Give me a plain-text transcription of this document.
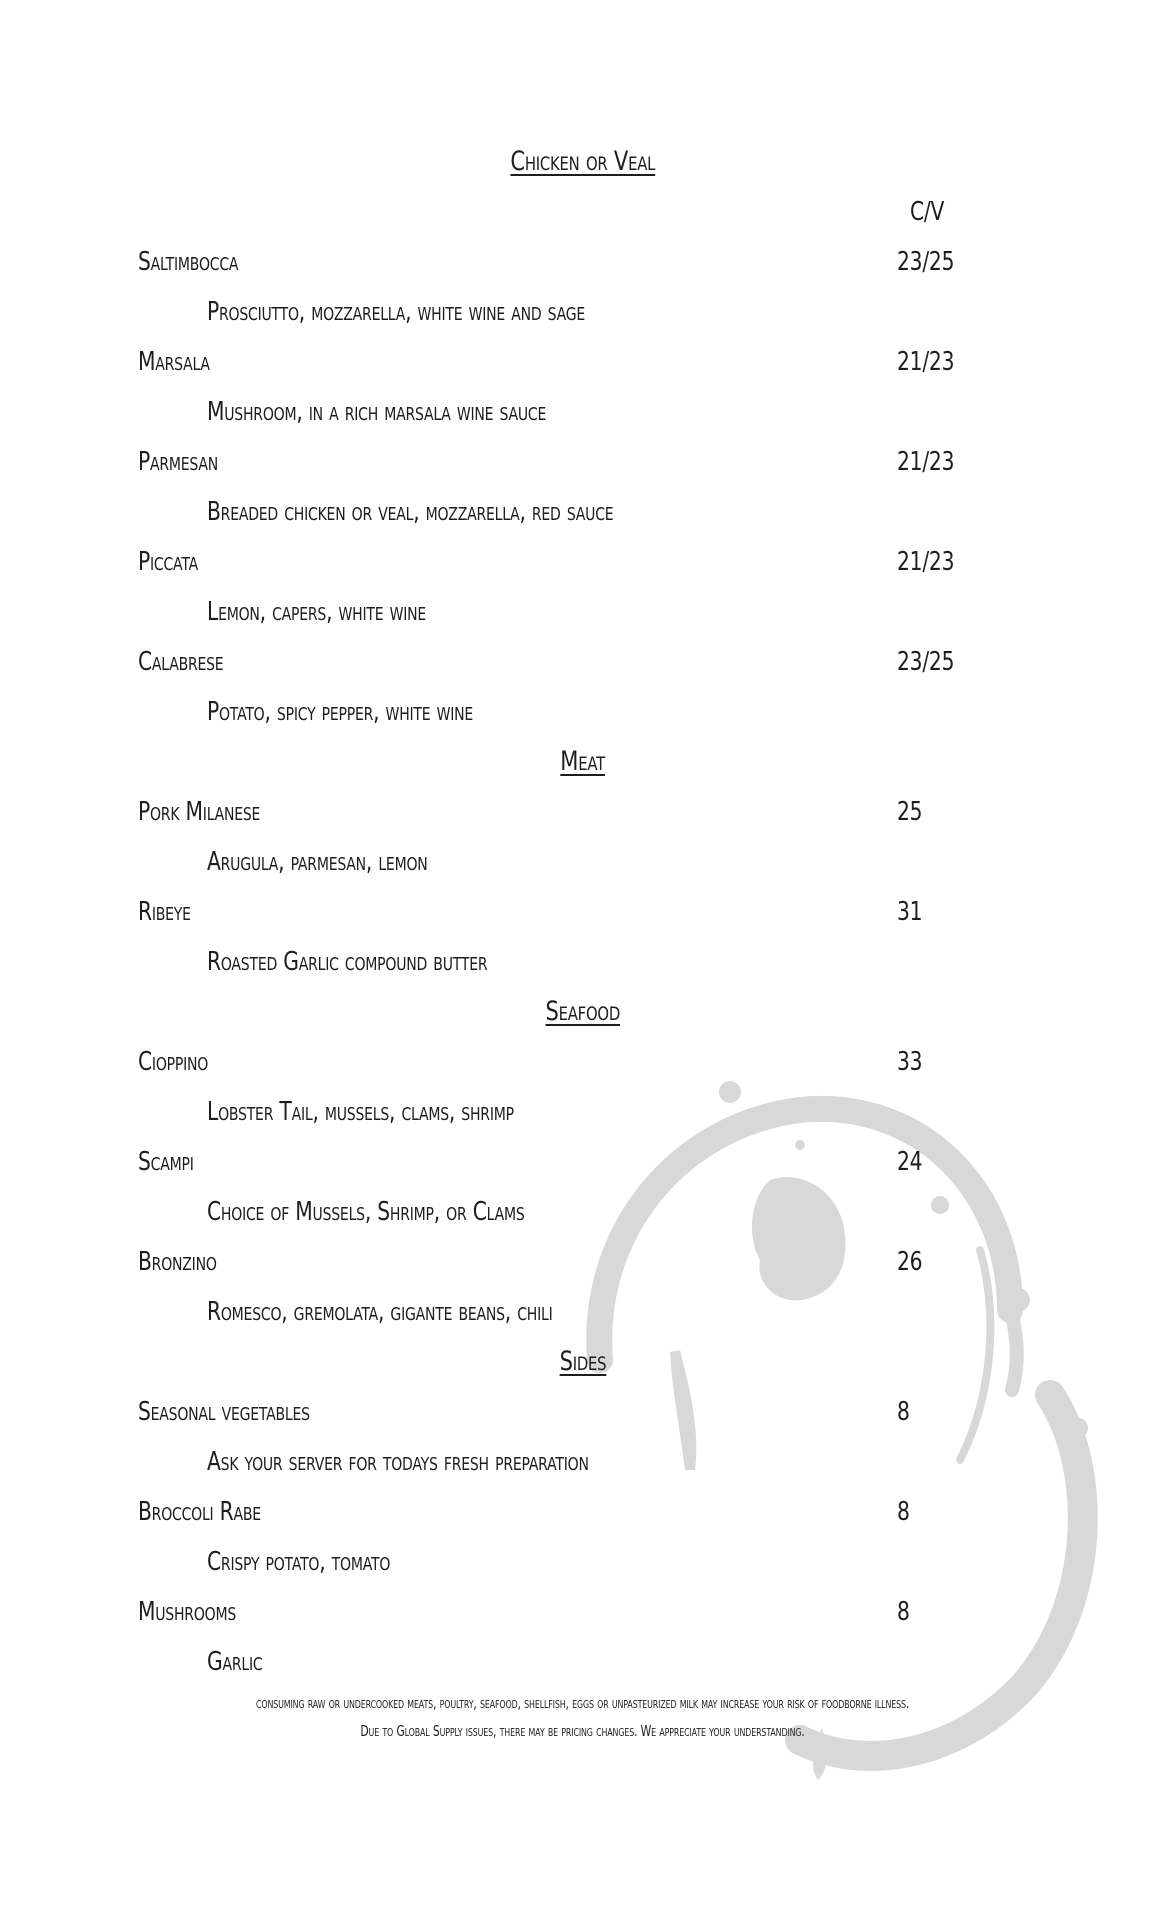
Chicken or Veal
C/V
Saltimbocca	23/25
Prosciutto, mozzarella, white wine and sage
Marsala	21/23
Mushroom, in a rich marsala wine sauce
Parmesan	21/23
Breaded chicken or veal, mozzarella, red sauce
Piccata	21/23
Lemon, capers, white wine
Calabrese	23/25
Potato, spicy pepper, white wine
Meat
Pork Milanese	25
Arugula, parmesan, lemon
Ribeye	31
Roasted Garlic compound butter
Seafood
Cioppino	33
Lobster Tail, mussels, clams, shrimp
Scampi	24
Choice of Mussels, Shrimp, or Clams
Bronzino	26
Romesco, gremolata, gigante beans, chili
Sides
Seasonal vegetables	8
Ask your server for todays fresh preparation
Broccoli Rabe	8
Crispy potato, tomato
Mushrooms	8
Garlic
consuming raw or undercooked meats, poultry, seafood, shellfish, eggs or unpasteurized milk may increase your risk of foodborne illness.
Due to Global Supply issues, there may be pricing changes. We appreciate your understanding.
